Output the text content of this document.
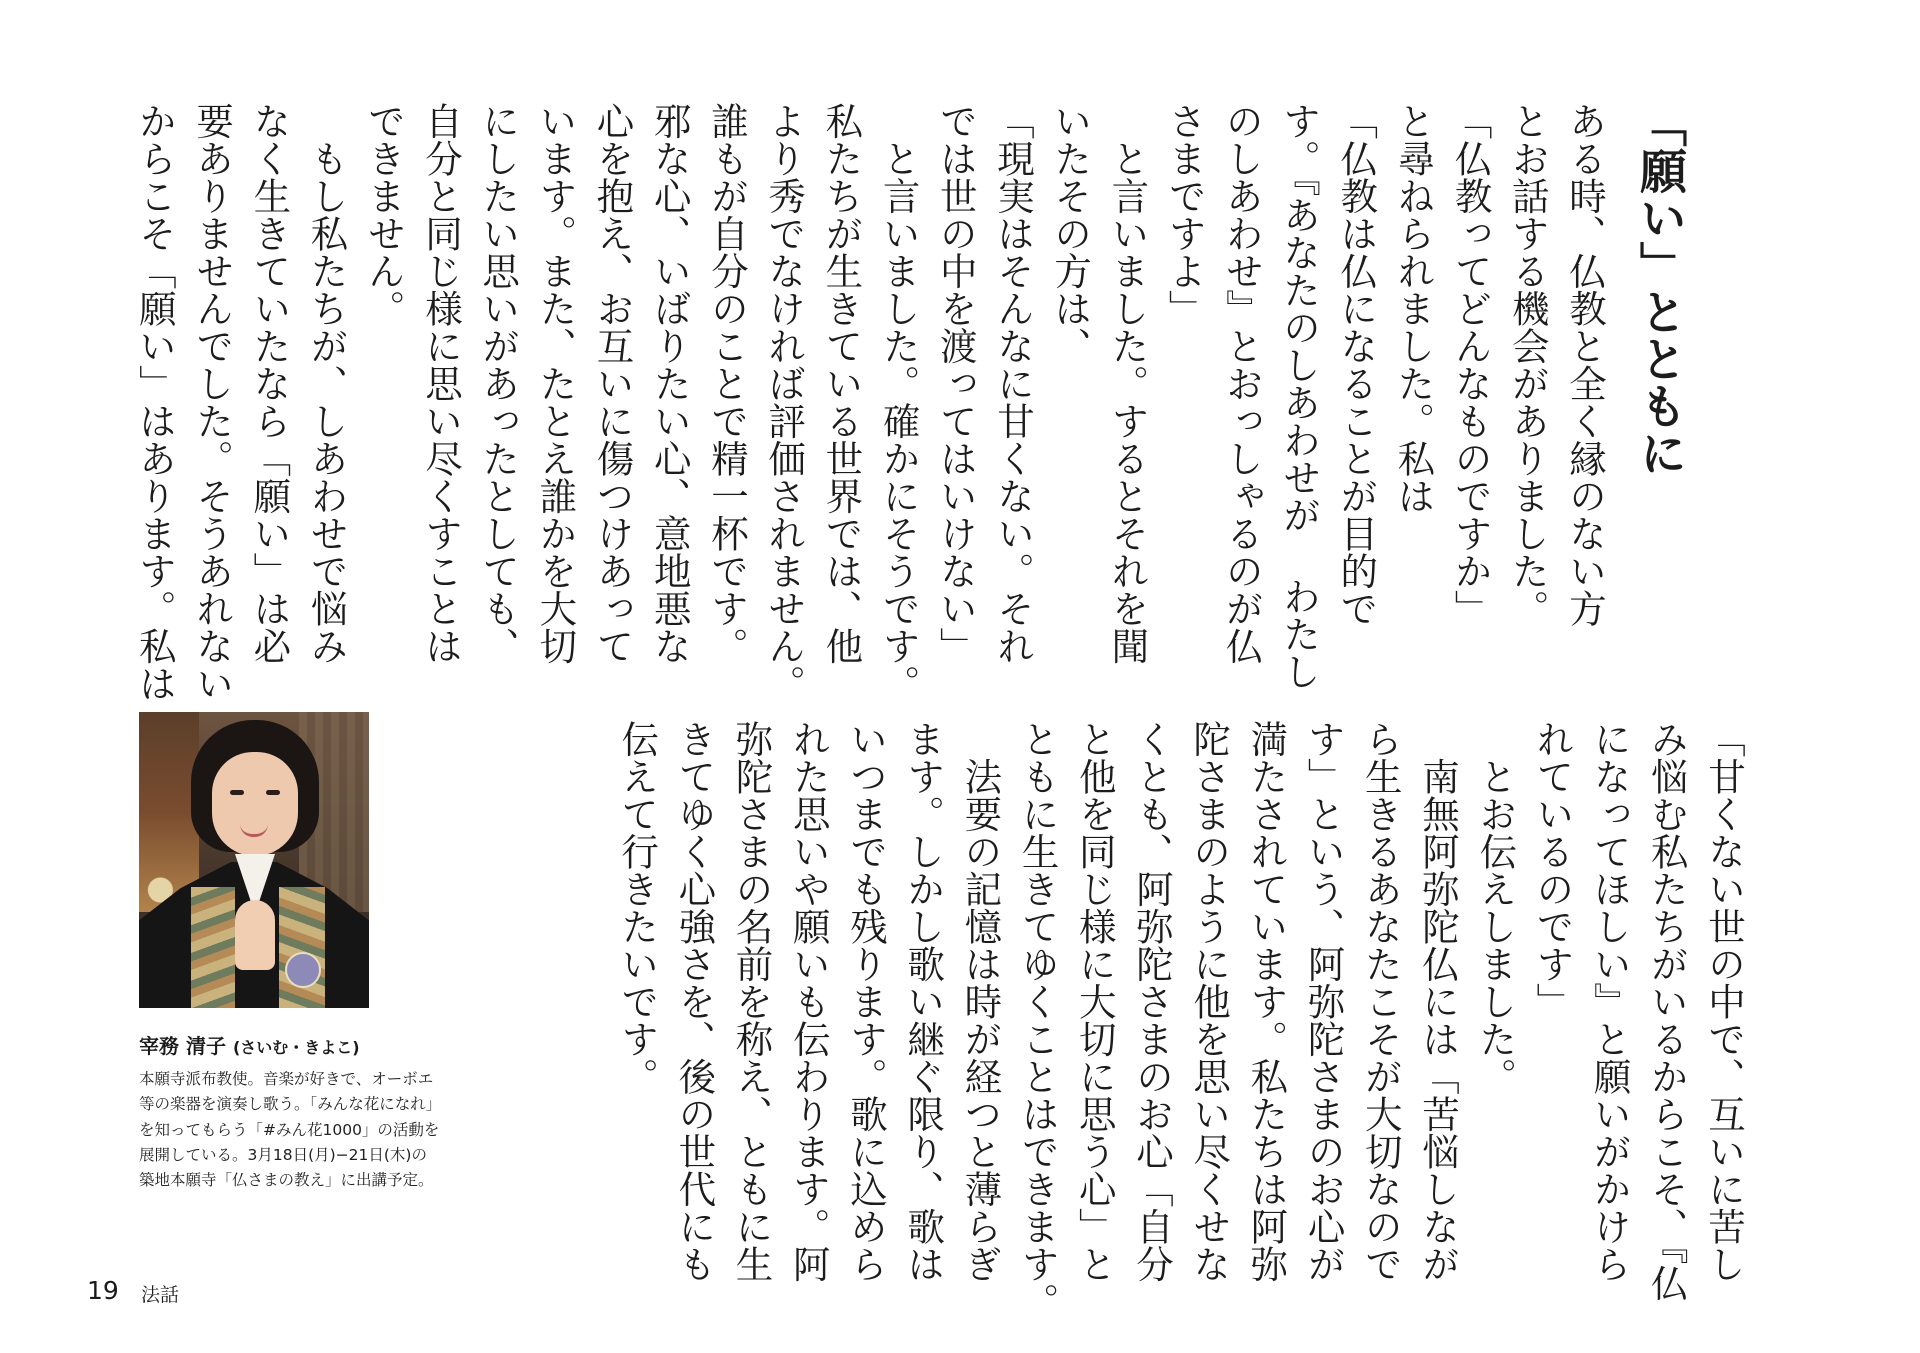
「願い」とともに
ある時、仏教と全く縁のない方
とお話する機会がありました。
「仏教ってどんなものですか」
と尋ねられました。私は
「仏教は仏になることが目的で
す。『あなたのしあわせが わたし
のしあわせ』とおっしゃるのが仏
さまですよ」
　と言いました。するとそれを聞
いたその方は、
「現実はそんなに甘くない。それ
では世の中を渡ってはいけない」
　と言いました。確かにそうです。
私たちが生きている世界では、他
より秀でなければ評価されません。
誰もが自分のことで精一杯です。
邪な心、いばりたい心、意地悪な
心を抱え、お互いに傷つけあって
います。また、たとえ誰かを大切
にしたい思いがあったとしても、
自分と同じ様に思い尽くすことは
できません。
　もし私たちが、しあわせで悩み
なく生きていたなら「願い」は必
要ありませんでした。そうあれない
からこそ「願い」はあります。私は
「甘くない世の中で、互いに苦し
み悩む私たちがいるからこそ、『仏
になってほしい』と願いがかけら
れているのです」
　とお伝えしました。
　南無阿弥陀仏には「苦悩しなが
ら生きるあなたこそが大切なので
す」という、阿弥陀さまのお心が
満たされています。私たちは阿弥
陀さまのように他を思い尽くせな
くとも、阿弥陀さまのお心「自分
と他を同じ様に大切に思う心」と
ともに生きてゆくことはできます。
　法要の記憶は時が経つと薄らぎ
ます。しかし歌い継ぐ限り、歌は
いつまでも残ります。歌に込めら
れた思いや願いも伝わります。阿
弥陀さまの名前を称え、ともに生
きてゆく心強さを、後の世代にも
伝えて行きたいです。
宰務 清子 (さいむ・きよこ)
本願寺派布教使。音楽が好きで、オーボエ
等の楽器を演奏し歌う。「みんな花になれ」
を知ってもらう「#みん花1000」の活動を
展開している。3月18日(月)−21日(木)の
築地本願寺「仏さまの教え」に出講予定。
19 法話
